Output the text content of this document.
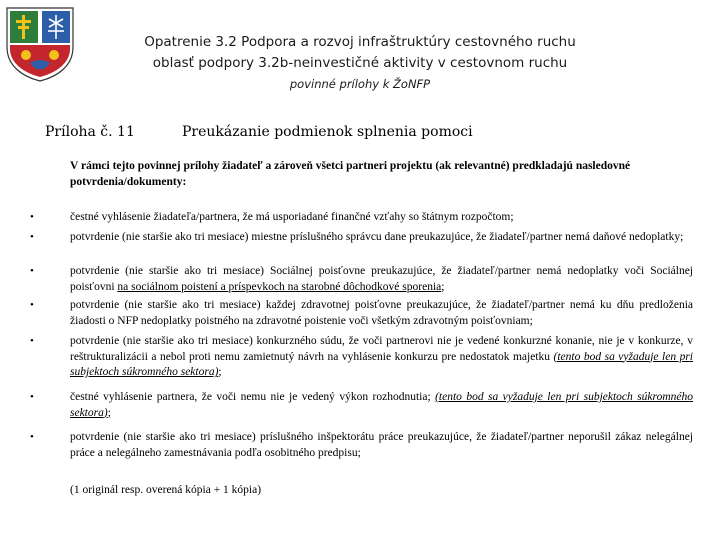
Opatrenie 3.2 Podpora a rozvoj infraštruktúry cestovného ruchu
oblasť podpory 3.2b-neinvestičné aktivity v cestovnom ruchu
povinné prílohy k ŽoNFP
Príloha č. 11	Preukázanie podmienok splnenia pomoci
V rámci tejto povinnej prílohy žiadateľ a zároveň všetci partneri projektu (ak relevantné) predkladajú nasledovné potvrdenia/dokumenty:
•	čestné vyhlásenie žiadateľa/partnera, že má usporiadané finančné vzťahy so štátnym rozpočtom;
•	potvrdenie (nie staršie ako tri mesiace) miestne príslušného správcu dane preukazujúce, že žiadateľ/partner nemá daňové nedoplatky;
•	potvrdenie (nie staršie ako tri mesiace) Sociálnej poisťovne preukazujúce, že žiadateľ/partner nemá nedoplatky voči Sociálnej poisťovni na sociálnom poistení a príspevkoch na starobné dôchodkové sporenia;
•	potvrdenie (nie staršie ako tri mesiace) každej zdravotnej poisťovne preukazujúce, že žiadateľ/partner nemá ku dňu predloženia žiadosti o NFP nedoplatky poistného na zdravotné poistenie voči všetkým zdravotným poisťovniam;
•	potvrdenie (nie staršie ako tri mesiace) konkurzného súdu, že voči partnerovi nie je vedené konkurzné konanie, nie je v konkurze, v reštrukturalizácii a nebol proti nemu zamietnutý návrh na vyhlásenie konkurzu pre nedostatok majetku (tento bod sa vyžaduje len pri subjektoch súkromného sektora);
•	čestné vyhlásenie partnera, že voči nemu nie je vedený výkon rozhodnutia; (tento bod sa vyžaduje len pri subjektoch súkromného sektora);
•	potvrdenie (nie staršie ako tri mesiace) príslušného inšpektorátu práce preukazujúce, že žiadateľ/partner neporušil zákaz nelegálnej práce a nelegálneho zamestnávania podľa osobitného predpisu;
(1 originál resp. overená kópia + 1 kópia)
